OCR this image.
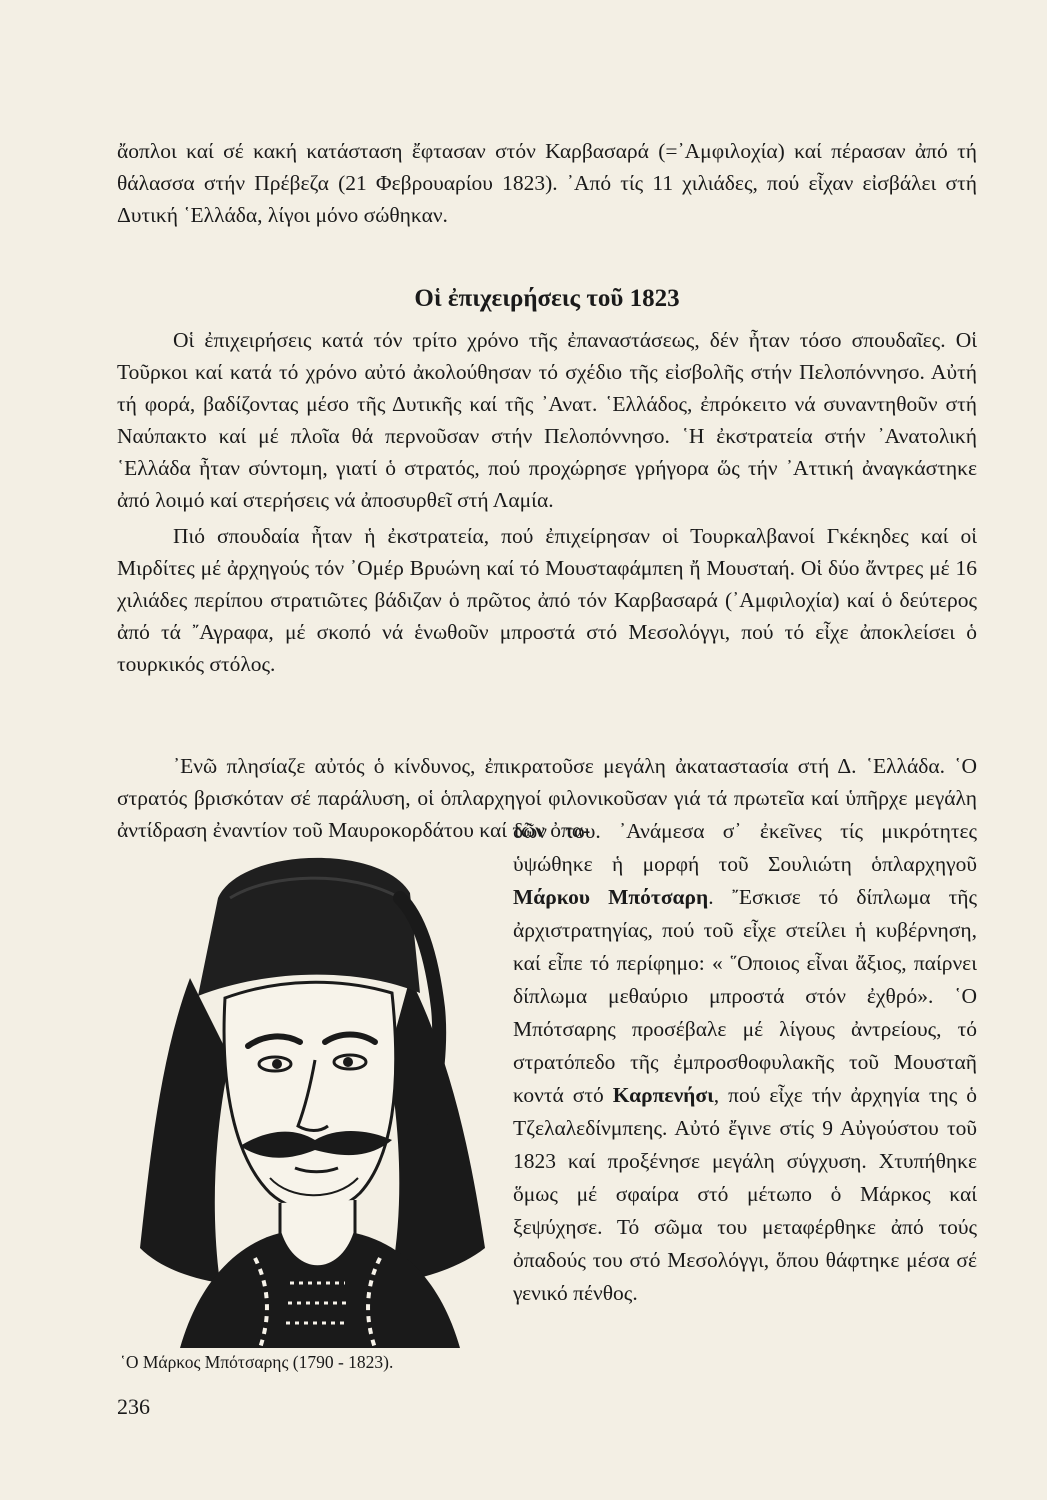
ἄοπλοι καί σέ κακή κατάσταση ἔφτασαν στόν Καρβασαρά (=᾿Αμφιλοχία) καί πέρασαν ἀπό τή θάλασσα στήν Πρέβεζα (21 Φεβρουαρίου 1823). ᾿Από τίς 11 χιλιάδες, πού εἶχαν εἰσβάλει στή Δυτική ῾Ελλάδα, λίγοι μόνο σώθηκαν.

Οἱ ἐπιχειρήσεις τοῦ 1823

Οἱ ἐπιχειρήσεις κατά τόν τρίτο χρόνο τῆς ἐπαναστάσεως, δέν ἦταν τόσο σπουδαῖες. Οἱ Τοῦρκοι καί κατά τό χρόνο αὐτό ἀκολούθησαν τό σχέδιο τῆς εἰσβολῆς στήν Πελοπόννησο. Αὐτή τή φορά, βαδίζοντας μέσο τῆς Δυτικῆς καί τῆς ᾿Ανατ. ῾Ελλάδος, ἐπρόκειτο νά συναντηθοῦν στή Ναύπακτο καί μέ πλοῖα θά περνοῦσαν στήν Πελοπόννησο. ῾Η ἐκστρατεία στήν ᾿Ανατολική ῾Ελλάδα ἦταν σύντομη, γιατί ὁ στρατός, πού προχώρησε γρήγορα ὥς τήν ᾿Αττική ἀναγκάστηκε ἀπό λοιμό καί στερήσεις νά ἀποσυρθεῖ στή Λαμία.

Πιό σπουδαία ἦταν ἡ ἐκστρατεία, πού ἐπιχείρησαν οἱ Τουρκαλβανοί Γκέκηδες καί οἱ Μιρδίτες μέ ἀρχηγούς τόν ᾿Ομέρ Βρυώνη καί τό Μουσταφάμπεη ἤ Μουσταή. Οἱ δύο ἄντρες μέ 16 χιλιάδες περίπου στρατιῶτες βάδιζαν ὁ πρῶτος ἀπό τόν Καρβασαρά (᾿Αμφιλοχία) καί ὁ δεύτερος ἀπό τά ῎Αγραφα, μέ σκοπό νά ἑνωθοῦν μπροστά στό Μεσολόγγι, πού τό εἶχε ἀποκλείσει ὁ τουρκικός στόλος.

᾿Ενῶ πλησίαζε αὐτός ὁ κίνδυνος, ἐπικρατοῦσε μεγάλη ἀκαταστασία στή Δ. ῾Ελλάδα. ῾Ο στρατός βρισκόταν σέ παράλυση, οἱ ὁπλαρχηγοί φιλονικοῦσαν γιά τά πρωτεῖα καί ὑπῆρχε μεγάλη ἀντίδραση ἐναντίον τοῦ Μαυροκορδάτου καί τῶν ὀπα-

δῶν του. ᾿Ανάμεσα σ᾿ ἐκεῖνες τίς μικρότητες ὑψώθηκε ἡ μορφή τοῦ Σουλιώτη ὁπλαρχηγοῦ Μάρκου Μπότσαρη. ῎Εσκισε τό δίπλωμα τῆς ἀρχιστρατηγίας, πού τοῦ εἶχε στείλει ἡ κυβέρνηση, καί εἶπε τό περίφημο: « ῞Οποιος εἶναι ἄξιος, παίρνει δίπλωμα μεθαύριο μπροστά στόν ἐχθρό». ῾Ο Μπότσαρης προσέβαλε μέ λίγους ἀντρείους, τό στρατόπεδο τῆς ἐμπροσθοφυλακῆς τοῦ Μουσταῆ κοντά στό Καρπενήσι, πού εἶχε τήν ἀρχηγία της ὁ Τζελαλεδίνμπεης. Αὐτό ἔγινε στίς 9 Αὐγούστου τοῦ 1823 καί προξένησε μεγάλη σύγχυση. Χτυπήθηκε ὅμως μέ σφαίρα στό μέτωπο ὁ Μάρκος καί ξεψύχησε. Τό σῶμα του μεταφέρθηκε ἀπό τούς ὀπαδούς του στό Μεσολόγγι, ὅπου θάφτηκε μέσα σέ γενικό πένθος.

῾Ο Μάρκος Μπότσαρης (1790 - 1823).

236
